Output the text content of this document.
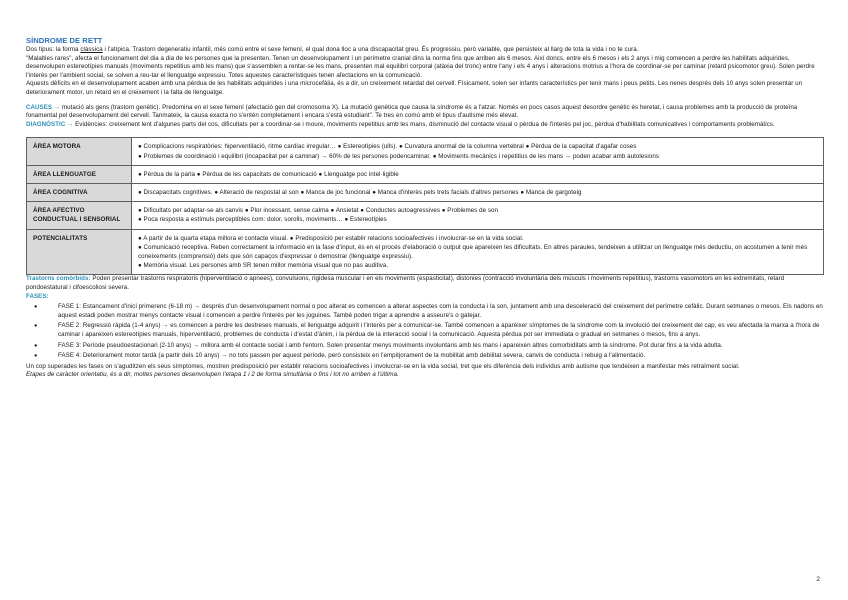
SÍNDROME DE RETT

Dos tipus: la forma clàssica i l'atípica. Trastorn degeneratiu infantil, més comú entre el sexe femení, el qual dona lloc a una discapacitat greu. És progressiu, però variable, que persisteix al llarg de tota la vida i no te cura.

"Malalties rares", afecta el funcionament del dia a dia de les persones que la presenten. Tenen un desenvolupament i un perímetre cranial dins la norma fins que arriben als 6 mesos. Així doncs, entre els 6 mesos i els 2 anys i mig comencen a perdre les habilitats adquirides, desenvolupen estereotípies manuals (moviments repetitius amb les mans) que s'assemblen a rentar-se les mans, presenten mal equilibri corporal (atàxia del tronc) entre l'any i els 4 anys i alteracions motrius a l'hora de coordinar-se per caminar (retard psicomotor greu). Solen perdre l'interès per l'ambient social, se solven a reu-tar el llenguatge expressiu. Totes aquestes característiques tenen afectacions en la comunicació.

Aquests dèficits en el desenvolupament acaben amb una pèrdua de les habilitats adquirides i una microcefàlia, és a dir, un creixement retardat del cervell. Físicament, solen ser infants característics per tenir mans i peus petits. Les nenes després dels 10 anys solen presentar un deteriorament motor, un retard en el creixement i la falta de llenguatge.

CAUSES → mutació als gens (trastorn genètic). Predomina en el sexe femení (afectació gen del cromosoma X). La mutació genètica que causa la síndrome és a l'atzar. Només en pocs casos aquest desordre genètic és heretat, i causa problemes amb la producció de proteïna fonamental pel desenvolupament del cervell. Tanmateix, la causa exacta no s'entén completament i encara s'està estudiant". Te tres en comú amb el tipus d'autisme més elevat.

DIAGNÒSTIC → Evidències: creixement lent d'algunes parts del cos, dificultats per a coordinar-se i moure, moviments repetitius amb les mans, disminució del contacte visual o pèrdua de l'interès pel joc, pèrdua d'habilitats comunicatives i comportaments problemàtics.

ÀREA MOTORA	● Complicacions respiratòries: hiperventilació, ritme cardíac irregular… ● Estereotípies (ulls). ● Curvatura anormal de la columna vertebral ● Pèrdua de la capacitat d'agafar coses
● Problemes de coordinació i equilibri (incapacitat per a caminar) → 60% de les persones podencaminar. ● Moviments mecànics i repetitius de les mans → poden acabar amb autolesions

ÀREA LLENGUATGE	● Pèrdua de la parla ● Pèrdua de les capacitats de comunicació ● Llenguatge poc intel·ligible

ÀREA COGNITIVA	● Discapacitats cognitives. ● Alteració de respostal al son ● Manca de joc funcional ● Manca d'interès pels trets facials d'altres persones ● Manca de gargoteig

ÀREA AFECTIVO CONDUCTUAL I SENSORIAL	● Dificultats per adaptar-se als canvis ● Plor incessant, sense calma ● Ansietat ● Conductes autoagressives ● Problemes de son
● Poca resposta a estímuls perceptibles com: dolor, sorolls, moviments… ● Estereotípies

POTENCIALITATS	● A partir de la quarta etapa millora el contacte visual. ● Predisposició per establir relacions socioafectives i involucrar-se en la vida social.
● Comunicació receptiva. Reben correctament la informació en la fase d'input, és en el procés d'elaboració o output que apareixen les dificultats. En altres paraules, tendeixen a utilitzar un llenguatge més deductiu, on acostumen a tenir més coneixements (comprensió) dels que són capaços d'expressar o demostrar (llenguatge expressiu).
● Memòria visual. Les persones amb SR tenen millor memòria visual que no pas auditiva.

Trastorns comòrbids: Poden presentar trastorns respiratoris (hiperventilació o apnees), convulsions, rigidesa muscular i en els moviments (espasticitat), distonies (contracció involuntària dels músculs i moviments repetitius), trastorns vasomotors en les extremitats, retard pondoestatural i cifoescoliosi severa.

FASES:
● FASE 1: Estancament d'inici primerenc (6-18 m) → després d'un desenvolupament normal o poc alterat es comencen a alterar aspectes com la conducta i la son, juntament amb una desceleració del creixement del perímetre cefàlic. Durant setmanes o mesos. Els nadons en aquest estadi poden mostrar menys contacte visual i comencen a perdre l'interès per les joguines. També poden trigar a aprendre a asseure's o gatejar.
● FASE 2: Regressió ràpida (1-4 anys) → es comencen a perdre les destreses manuals, el llenguatge adquirit i l'interès per a comunicar-se. També comencen a aparèixer símptomes de la síndrome com la involució del creixement del cap, es veu afectada la marxa a l'hora de caminar i apareixen estereotípies manuals, hiperventilació, problemes de conducta i d'estat d'ànim, i la pèrdua de la interacció social i la comunicació. Aquesta pèrdua pot ser immediata o gradual en setmanes o mesos, fins a anys.
● FASE 3: Període pseudoestacionari (2-10 anys) → millora amb el contacte social i amb l'entorn. Solen presentar menys moviments involuntaris amb les mans i apareixen altres comorbiditats amb la síndrome. Pot durar fins a la vida adulta.
● FASE 4: Deteriorament motor tardà (a partir dels 10 anys) → no tots passen per aquest període, però consisteix en l'empitjorament de la mobilitat amb debilitat severa, canvis de conducta i rebuig a l'alimentació.

Un cop superades les fases on s'aguditzen els seus símptomes, mostren predisposició per establir relacions socioafectives i involucrar-se en la vida social, tret que els diferència dels individus amb autisme que tendeixen a manifestar més retraïment social.

Etapes de caràcter orientatiu, és a dir, moltes persones desenvolupen l'etapa 1 i 2 de forma simultània o fins i tot no arriben a l'última.

2
